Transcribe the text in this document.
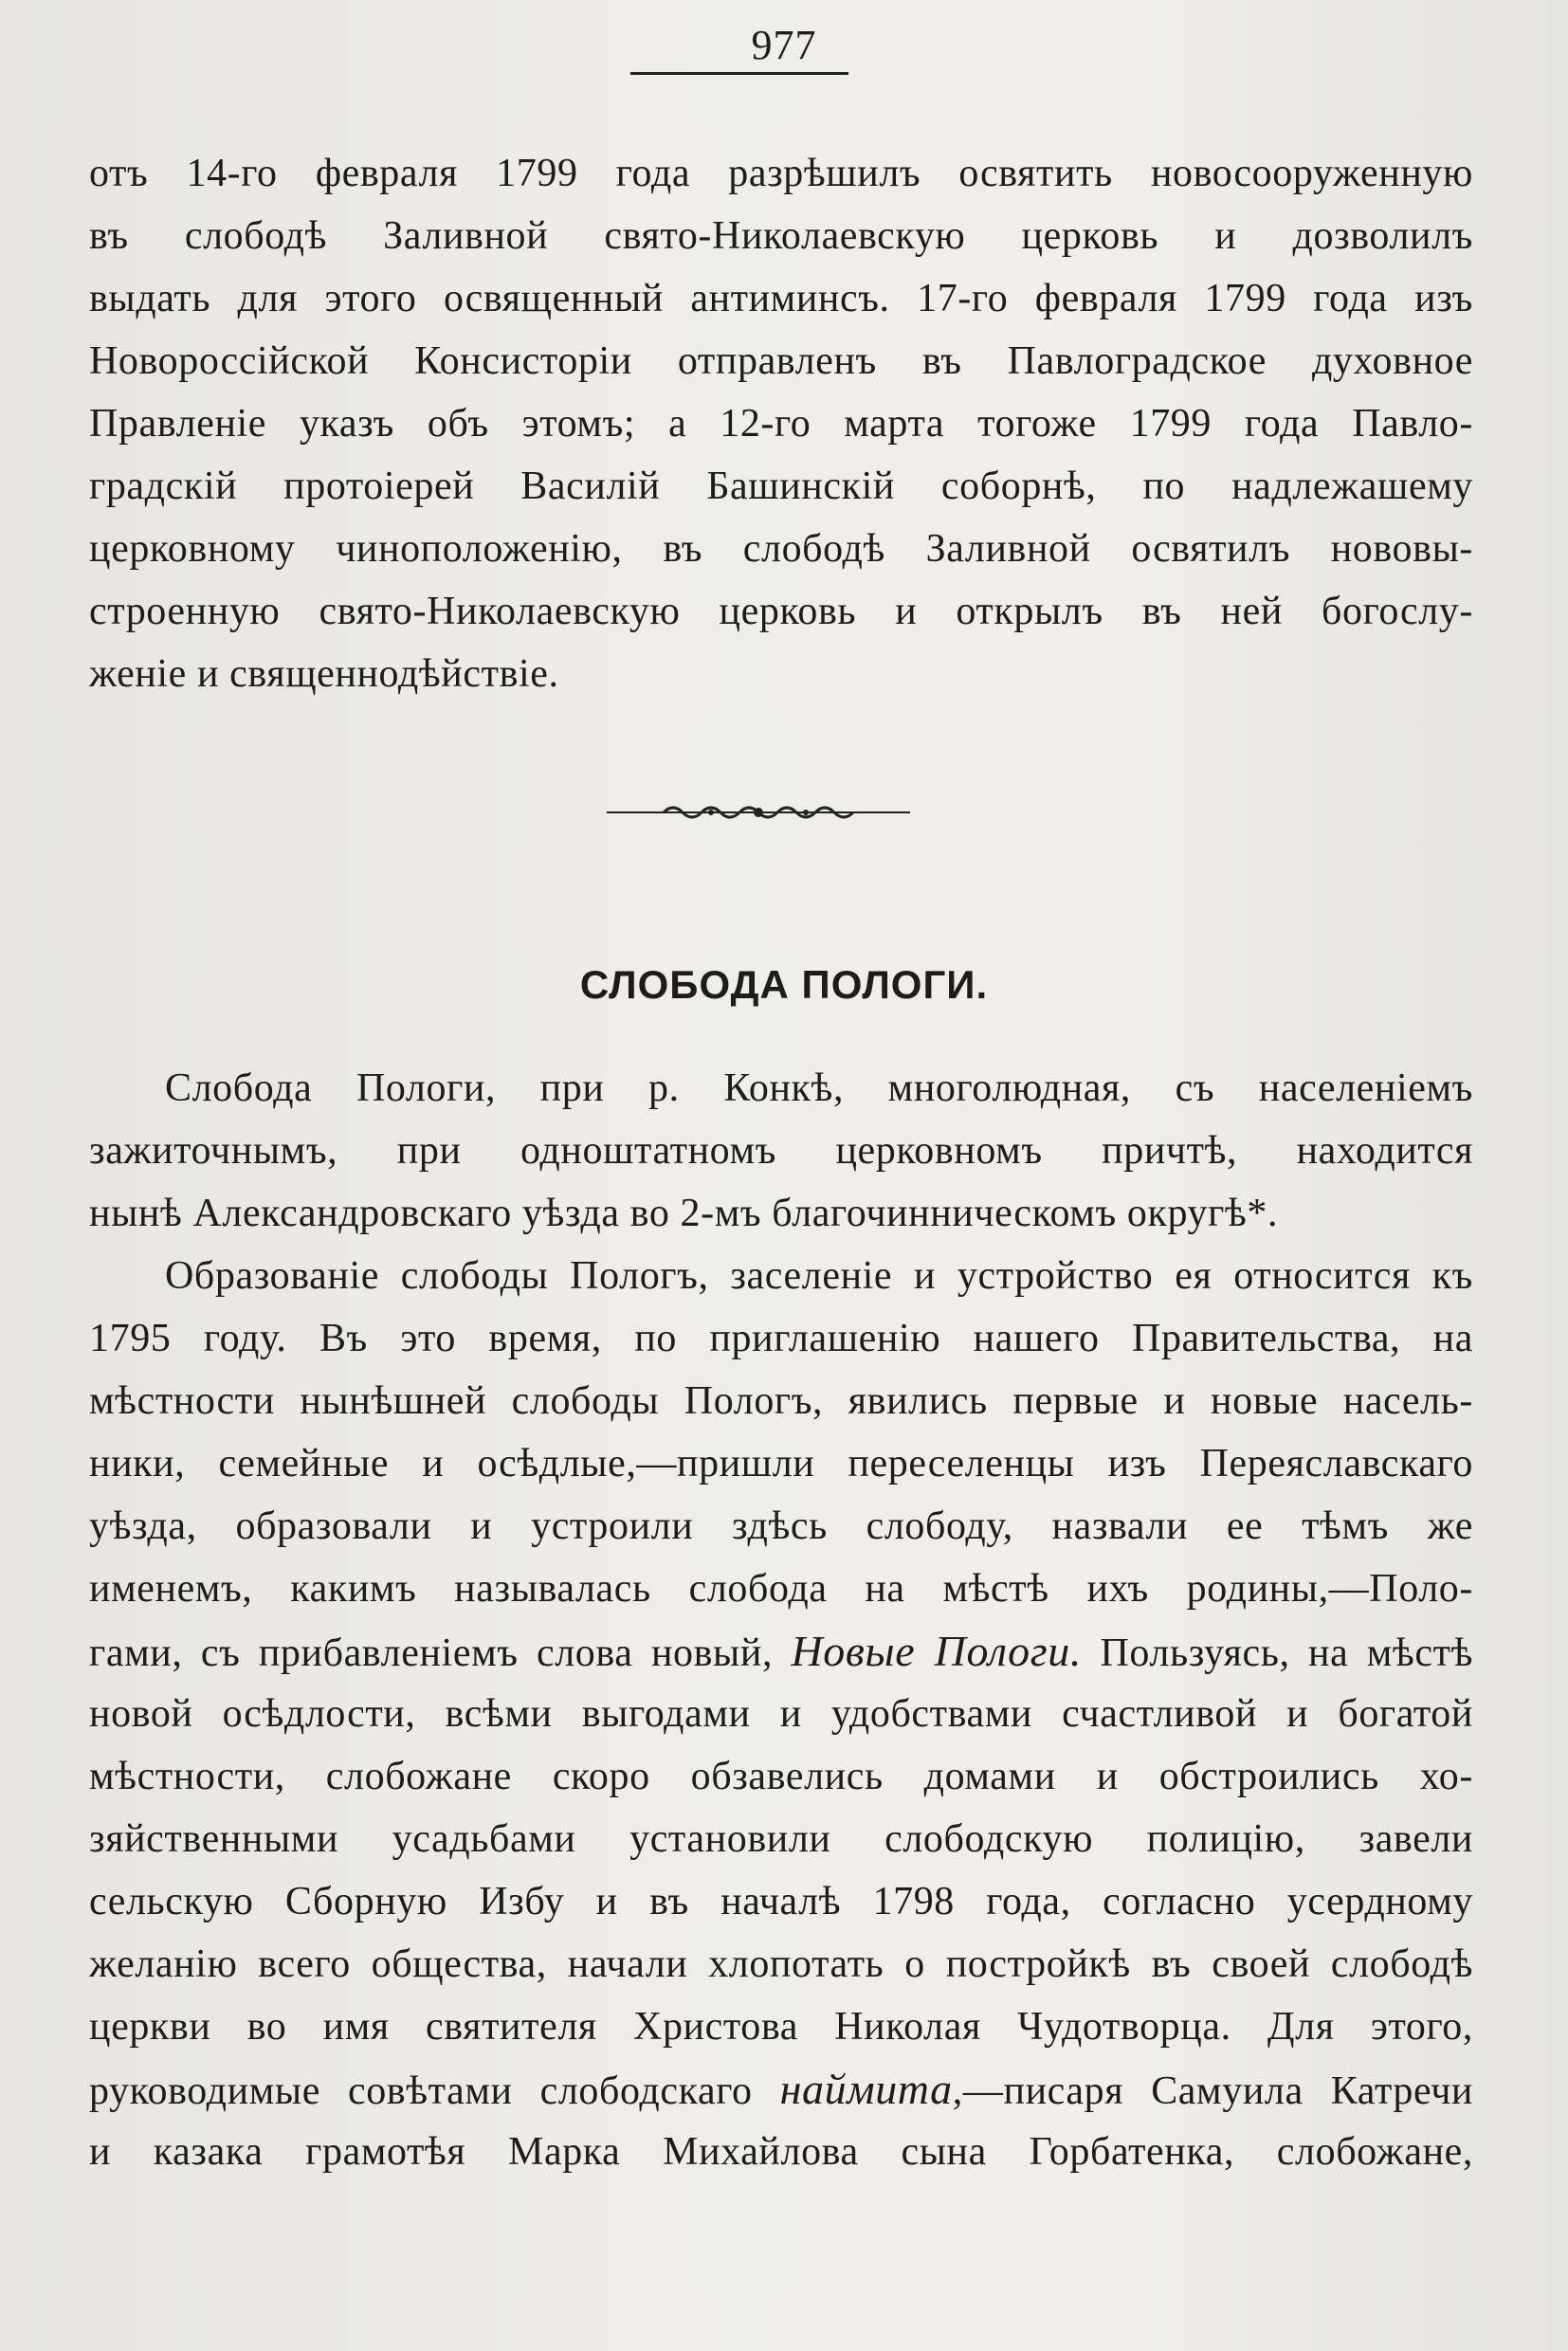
977
отъ 14-го февраля 1799 года разрѣшилъ освятить новосооруженную
въ слободѣ Заливной свято-Николаевскую церковь и дозволилъ
выдать для этого освященный антиминсъ. 17-го февраля 1799 года изъ
Новороссійской Консисторіи отправленъ въ Павлоградское духовное
Правленіе указъ объ этомъ; а 12-го марта тогоже 1799 года Павло-
градскій протоіерей Василій Башинскій соборнѣ, по надлежашему
церковному чиноположенію, въ слободѣ Заливной освятилъ нововы-
строенную свято-Николаевскую церковь и открылъ въ ней богослу-
женіе и священнодѣйствіе.
СЛОБОДА ПОЛОГИ.
Слобода Пологи, при р. Конкѣ, многолюдная, съ населеніемъ
зажиточнымъ, при одноштатномъ церковномъ причтѣ, находится
нынѣ Александровскаго уѣзда во 2-мъ благочинническомъ округѣ*.
Образованіе слободы Пологъ, заселеніе и устройство ея относится къ
1795 году. Въ это время, по приглашенію нашего Правительства, на
мѣстности нынѣшней слободы Пологъ, явились первые и новые насель-
ники, семейные и осѣдлые,—пришли переселенцы изъ Переяславскаго
уѣзда, образовали и устроили здѣсь слободу, назвали ее тѣмъ же
именемъ, какимъ называлась слобода на мѣстѣ ихъ родины,—Поло-
гами, съ прибавленіемъ слова новый, Новые Пологи. Пользуясь, на мѣстѣ
новой осѣдлости, всѣми выгодами и удобствами счастливой и богатой
мѣстности, слобожане скоро обзавелись домами и обстроились хо-
зяйственными усадьбами установили слободскую полицію, завели
сельскую Сборную Избу и въ началѣ 1798 года, согласно усердному
желанію всего общества, начали хлопотать о постройкѣ въ своей слободѣ
церкви во имя святителя Христова Николая Чудотворца. Для этого,
руководимые совѣтами слободскаго наймита,—писаря Самуила Катречи
и казака грамотѣя Марка Михайлова сына Горбатенка, слобожане,
